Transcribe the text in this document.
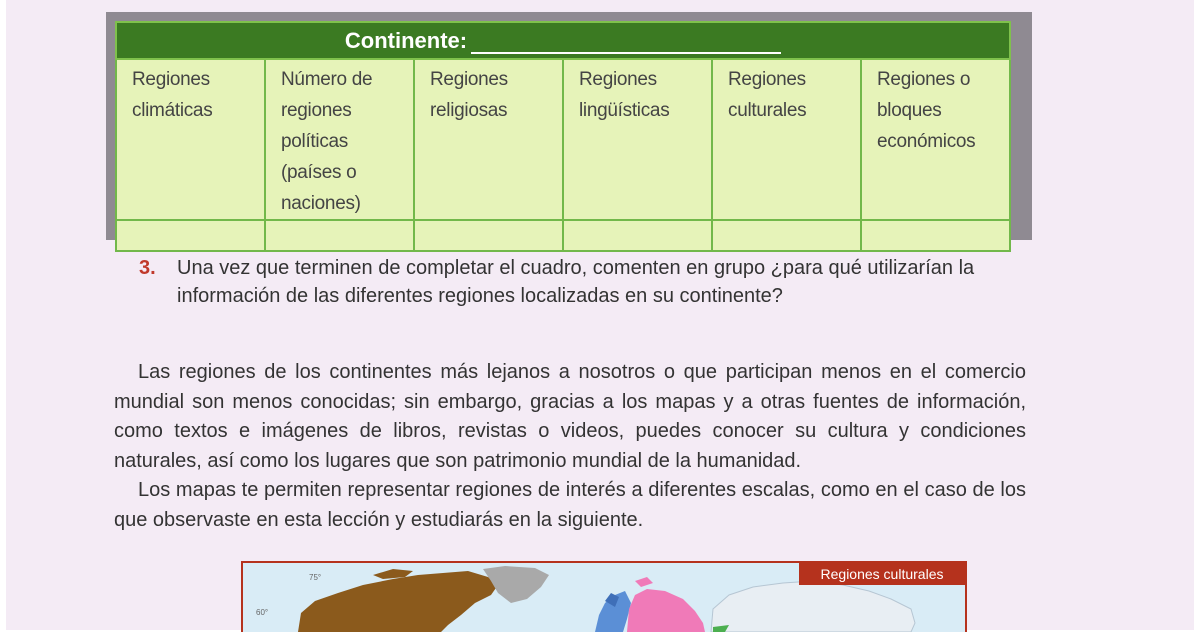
Continente:					
Regiones climáticas	Número de regiones políticas (países o naciones)	Regiones religiosas	Regiones lingüísticas	Regiones culturales	Regiones o bloques económicos

3. Una vez que terminen de completar el cuadro, comenten en grupo ¿para qué utilizarían la información de las diferentes regiones localizadas en su continente?
Las regiones de los continentes más lejanos a nosotros o que participan menos en el comercio mundial son menos conocidas; sin embargo, gracias a los mapas y a otras fuentes de información, como textos e imágenes de libros, revistas o videos, puedes conocer su cultura y condiciones naturales, así como los lugares que son patrimonio mundial de la humanidad.
Los mapas te permiten representar regiones de interés a diferentes escalas, como en el caso de los que observaste en esta lección y estudiarás en la siguiente.
75°
60°
Regiones culturales
